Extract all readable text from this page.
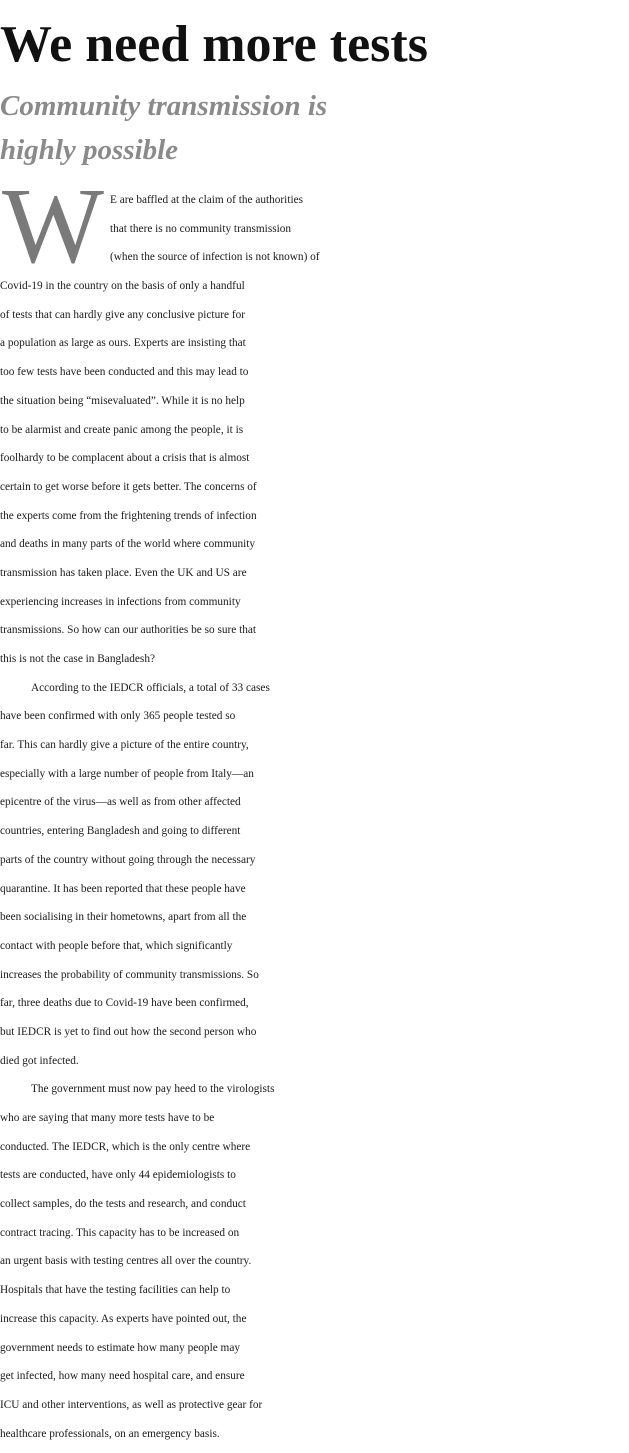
We need more tests
Community transmission is
highly possible
W E are baffled at the claim of the authorities
that there is no community transmission
(when the source of infection is not known) of
Covid-19 in the country on the basis of only a handful
of tests that can hardly give any conclusive picture for
a population as large as ours. Experts are insisting that
too few tests have been conducted and this may lead to
the situation being “misevaluated”. While it is no help
to be alarmist and create panic among the people, it is
foolhardy to be complacent about a crisis that is almost
certain to get worse before it gets better. The concerns of
the experts come from the frightening trends of infection
and deaths in many parts of the world where community
transmission has taken place. Even the UK and US are
experiencing increases in infections from community
transmissions. So how can our authorities be so sure that
this is not the case in Bangladesh?
According to the IEDCR officials, a total of 33 cases
have been confirmed with only 365 people tested so
far. This can hardly give a picture of the entire country,
especially with a large number of people from Italy—an
epicentre of the virus—as well as from other affected
countries, entering Bangladesh and going to different
parts of the country without going through the necessary
quarantine. It has been reported that these people have
been socialising in their hometowns, apart from all the
contact with people before that, which significantly
increases the probability of community transmissions. So
far, three deaths due to Covid-19 have been confirmed,
but IEDCR is yet to find out how the second person who
died got infected.
The government must now pay heed to the virologists
who are saying that many more tests have to be
conducted. The IEDCR, which is the only centre where
tests are conducted, have only 44 epidemiologists to
collect samples, do the tests and research, and conduct
contract tracing. This capacity has to be increased on
an urgent basis with testing centres all over the country.
Hospitals that have the testing facilities can help to
increase this capacity. As experts have pointed out, the
government needs to estimate how many people may
get infected, how many need hospital care, and ensure
ICU and other interventions, as well as protective gear for
healthcare professionals, on an emergency basis.
